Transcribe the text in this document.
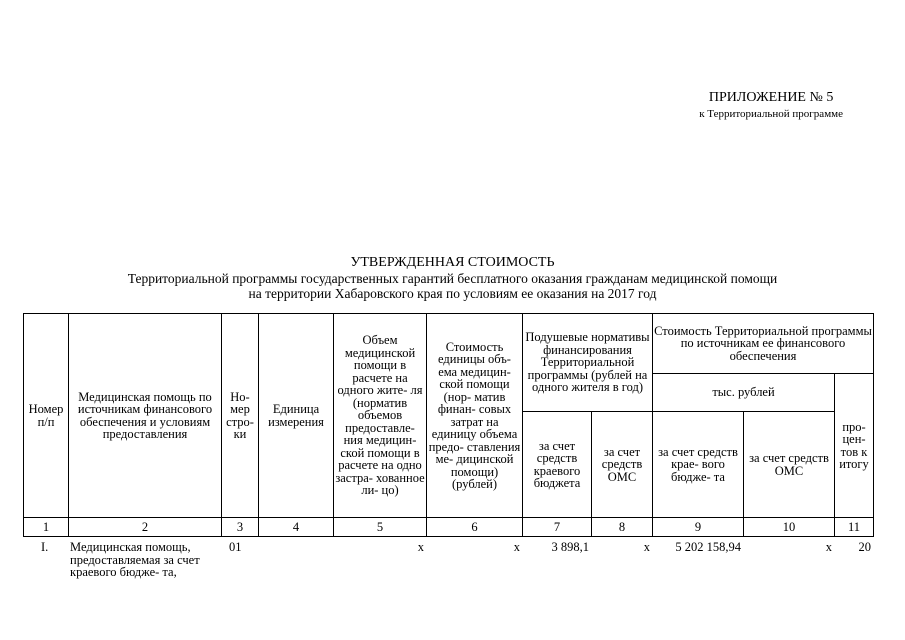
ПРИЛОЖЕНИЕ № 5
к Территориальной программе
УТВЕРЖДЕННАЯ СТОИМОСТЬ
Территориальной программы государственных гарантий бесплатного оказания гражданам медицинской помощи
на территории Хабаровского края по условиям ее оказания на 2017 год
Номер п/п	Медицинская помощь по источникам финансового обеспечения и условиям предоставления	Но- мер стро- ки	Единица измерения	Объем медицинской помощи в расчете на одного жите- ля (норматив объемов предоставле- ния медицин- ской помощи в расчете на одно застра- хованное ли- цо)	Стоимость единицы объ- ема медицин- ской помощи (нор- матив финан- совых затрат на единицу объема предо- ставления ме- дицинской помощи) (рублей)	Подушевые нормативы финансирования Территориальной программы (рублей на одного жителя в год)		Стоимость Территориальной программы по источникам ее финансового обеспечения		
								тыс. рублей		про- цен- тов к итогу
						за счет средств краевого бюджета	за счет средств ОМС	за счет средств крае- вого бюдже- та	за счет средств ОМС	
1	2	3	4	5	6	7	8	9	10	11
I.	Медицинская помощь, предоставляемая за счет краевого бюдже- та,	01		х	х	3 898,1	х	5 202 158,94	х	20
